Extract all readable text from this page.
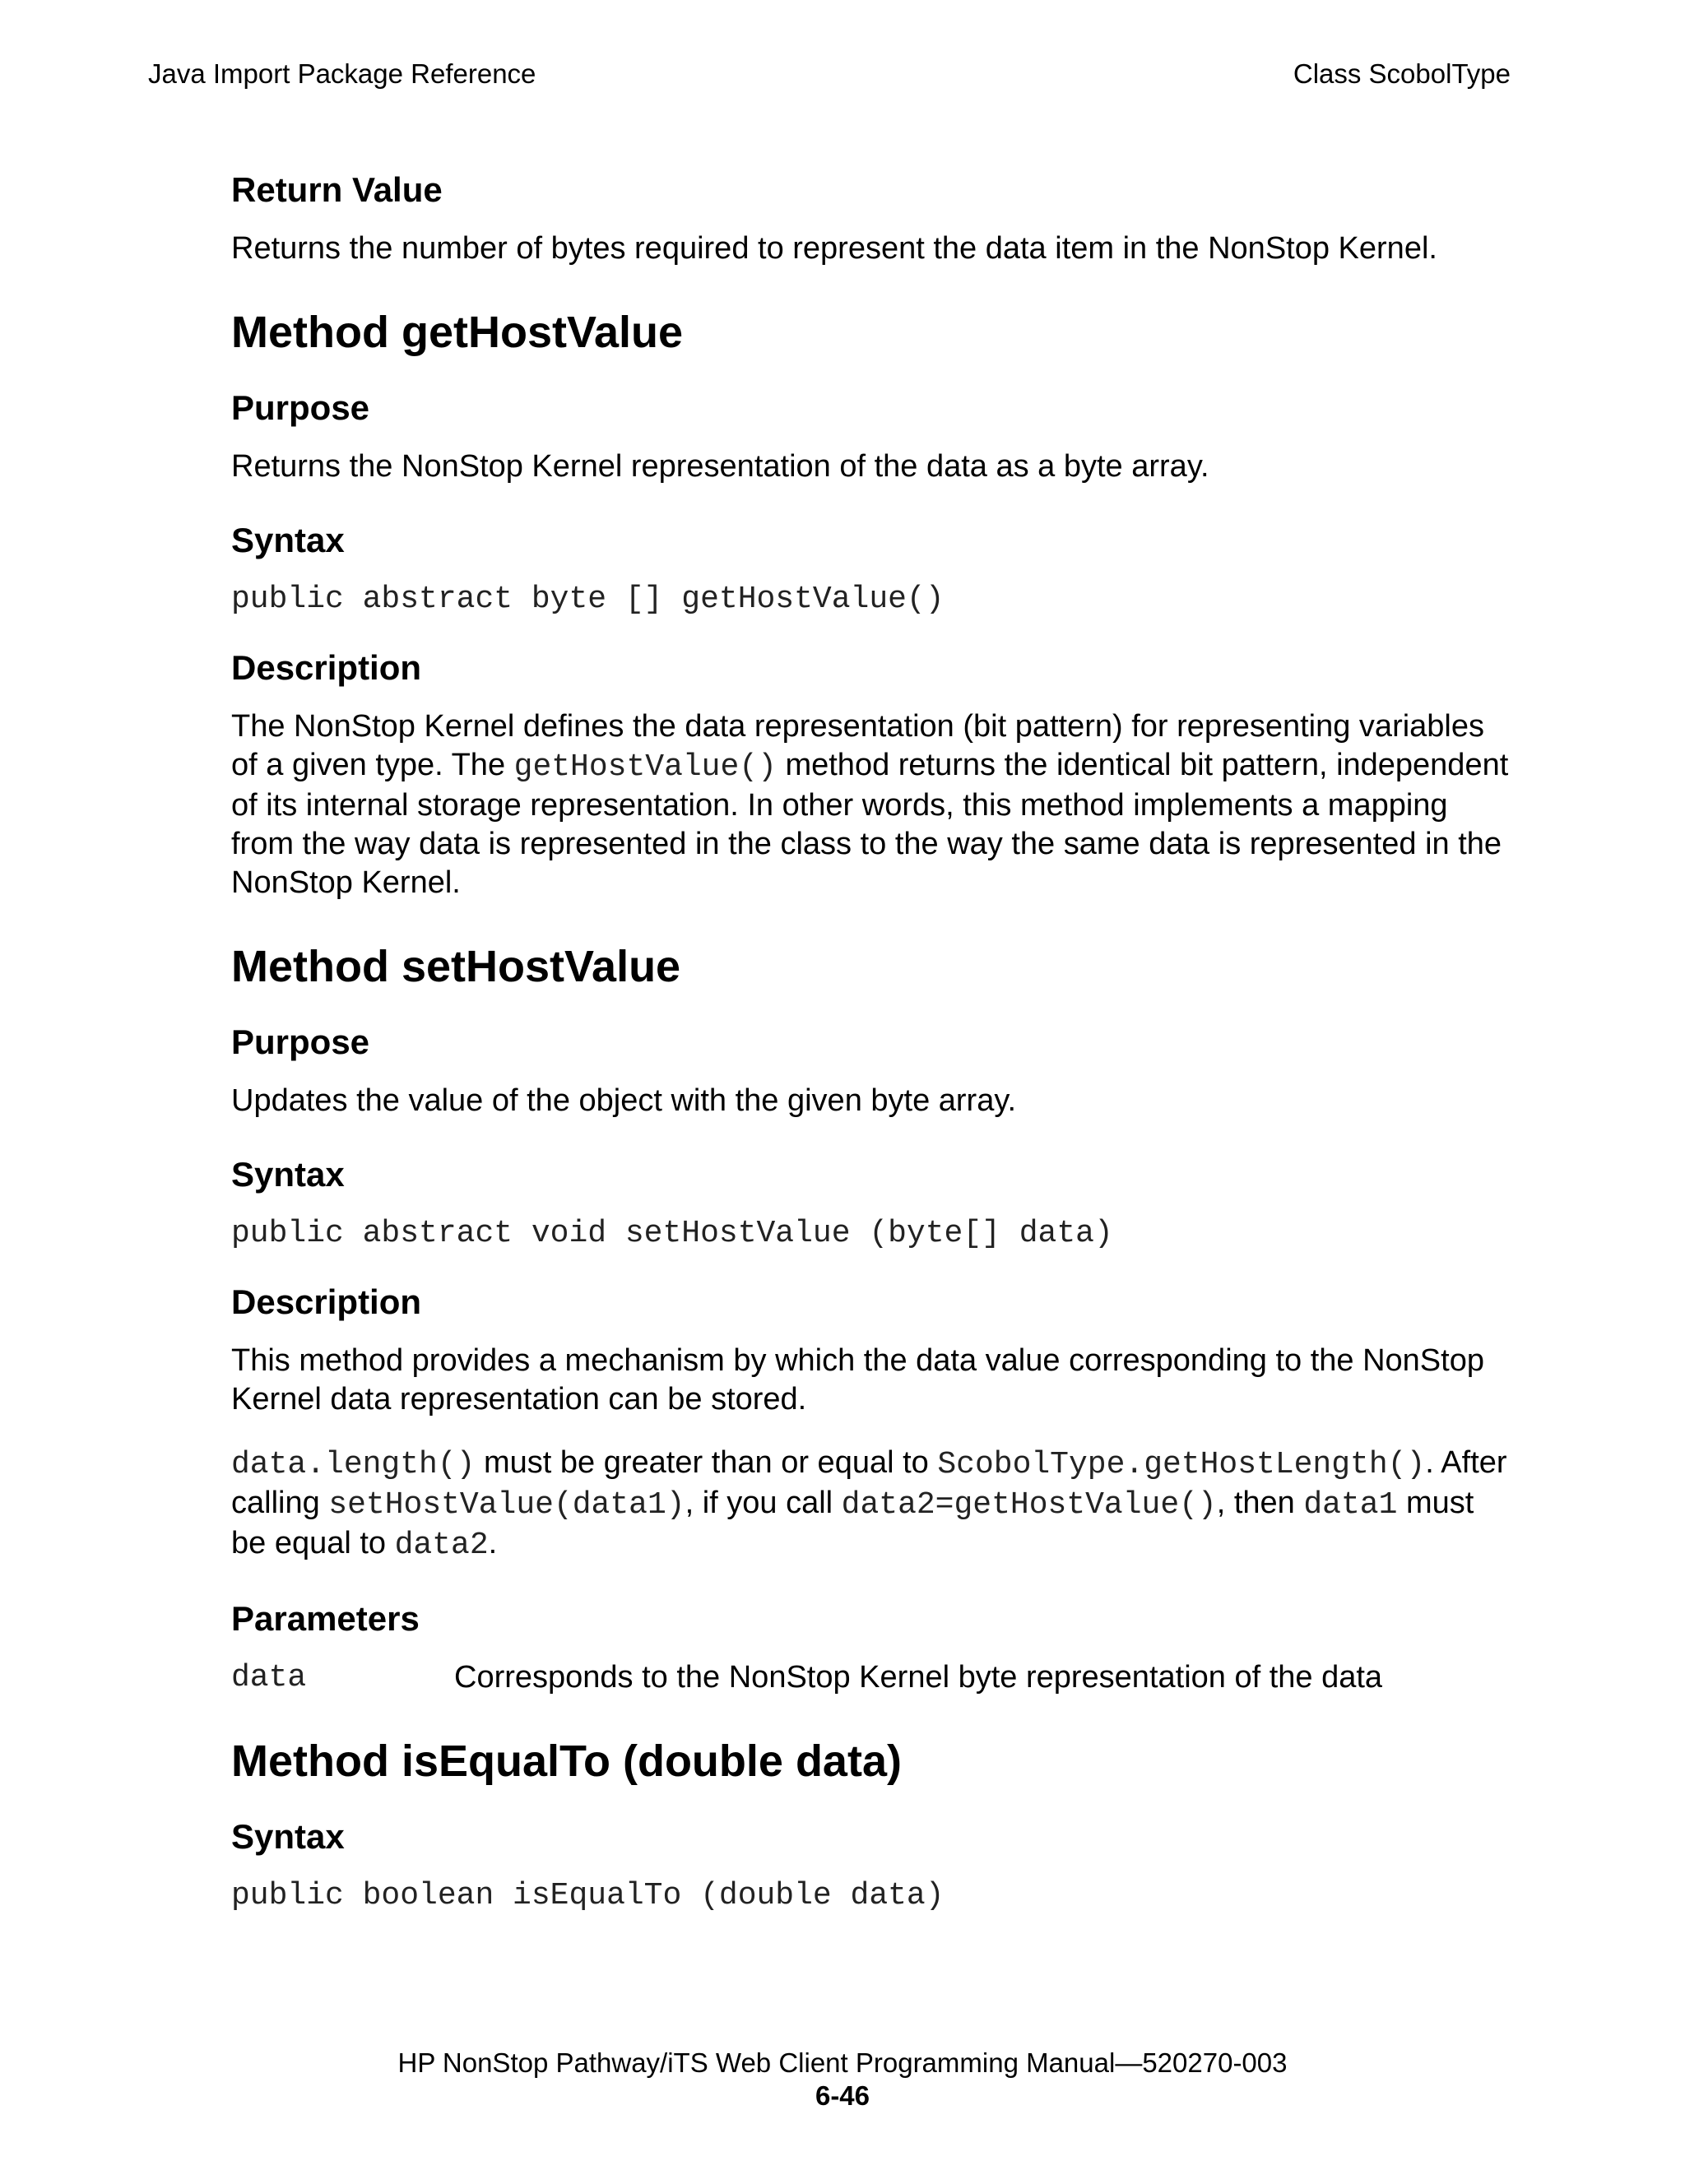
Java Import Package Reference	Class ScobolType
Return Value

Returns the number of bytes required to represent the data item in the NonStop Kernel.

Method getHostValue
Purpose

Returns the NonStop Kernel representation of the data as a byte array.

Syntax

public abstract byte [] getHostValue()

Description

The NonStop Kernel defines the data representation (bit pattern) for representing variables of a given type. The getHostValue() method returns the identical bit pattern, independent of its internal storage representation. In other words, this method implements a mapping from the way data is represented in the class to the way the same data is represented in the NonStop Kernel.

Method setHostValue
Purpose

Updates the value of the object with the given byte array.

Syntax

public abstract void setHostValue (byte[] data)

Description

This method provides a mechanism by which the data value corresponding to the NonStop Kernel data representation can be stored.

data.length() must be greater than or equal to ScobolType.getHostLength(). After calling setHostValue(data1), if you call data2=getHostValue(), then data1 must be equal to data2.

Parameters
data	Corresponds to the NonStop Kernel byte representation of the data
Method isEqualTo (double data)
Syntax

public boolean isEqualTo (double data)

HP NonStop Pathway/iTS Web Client Programming Manual—520270-003
6-46
